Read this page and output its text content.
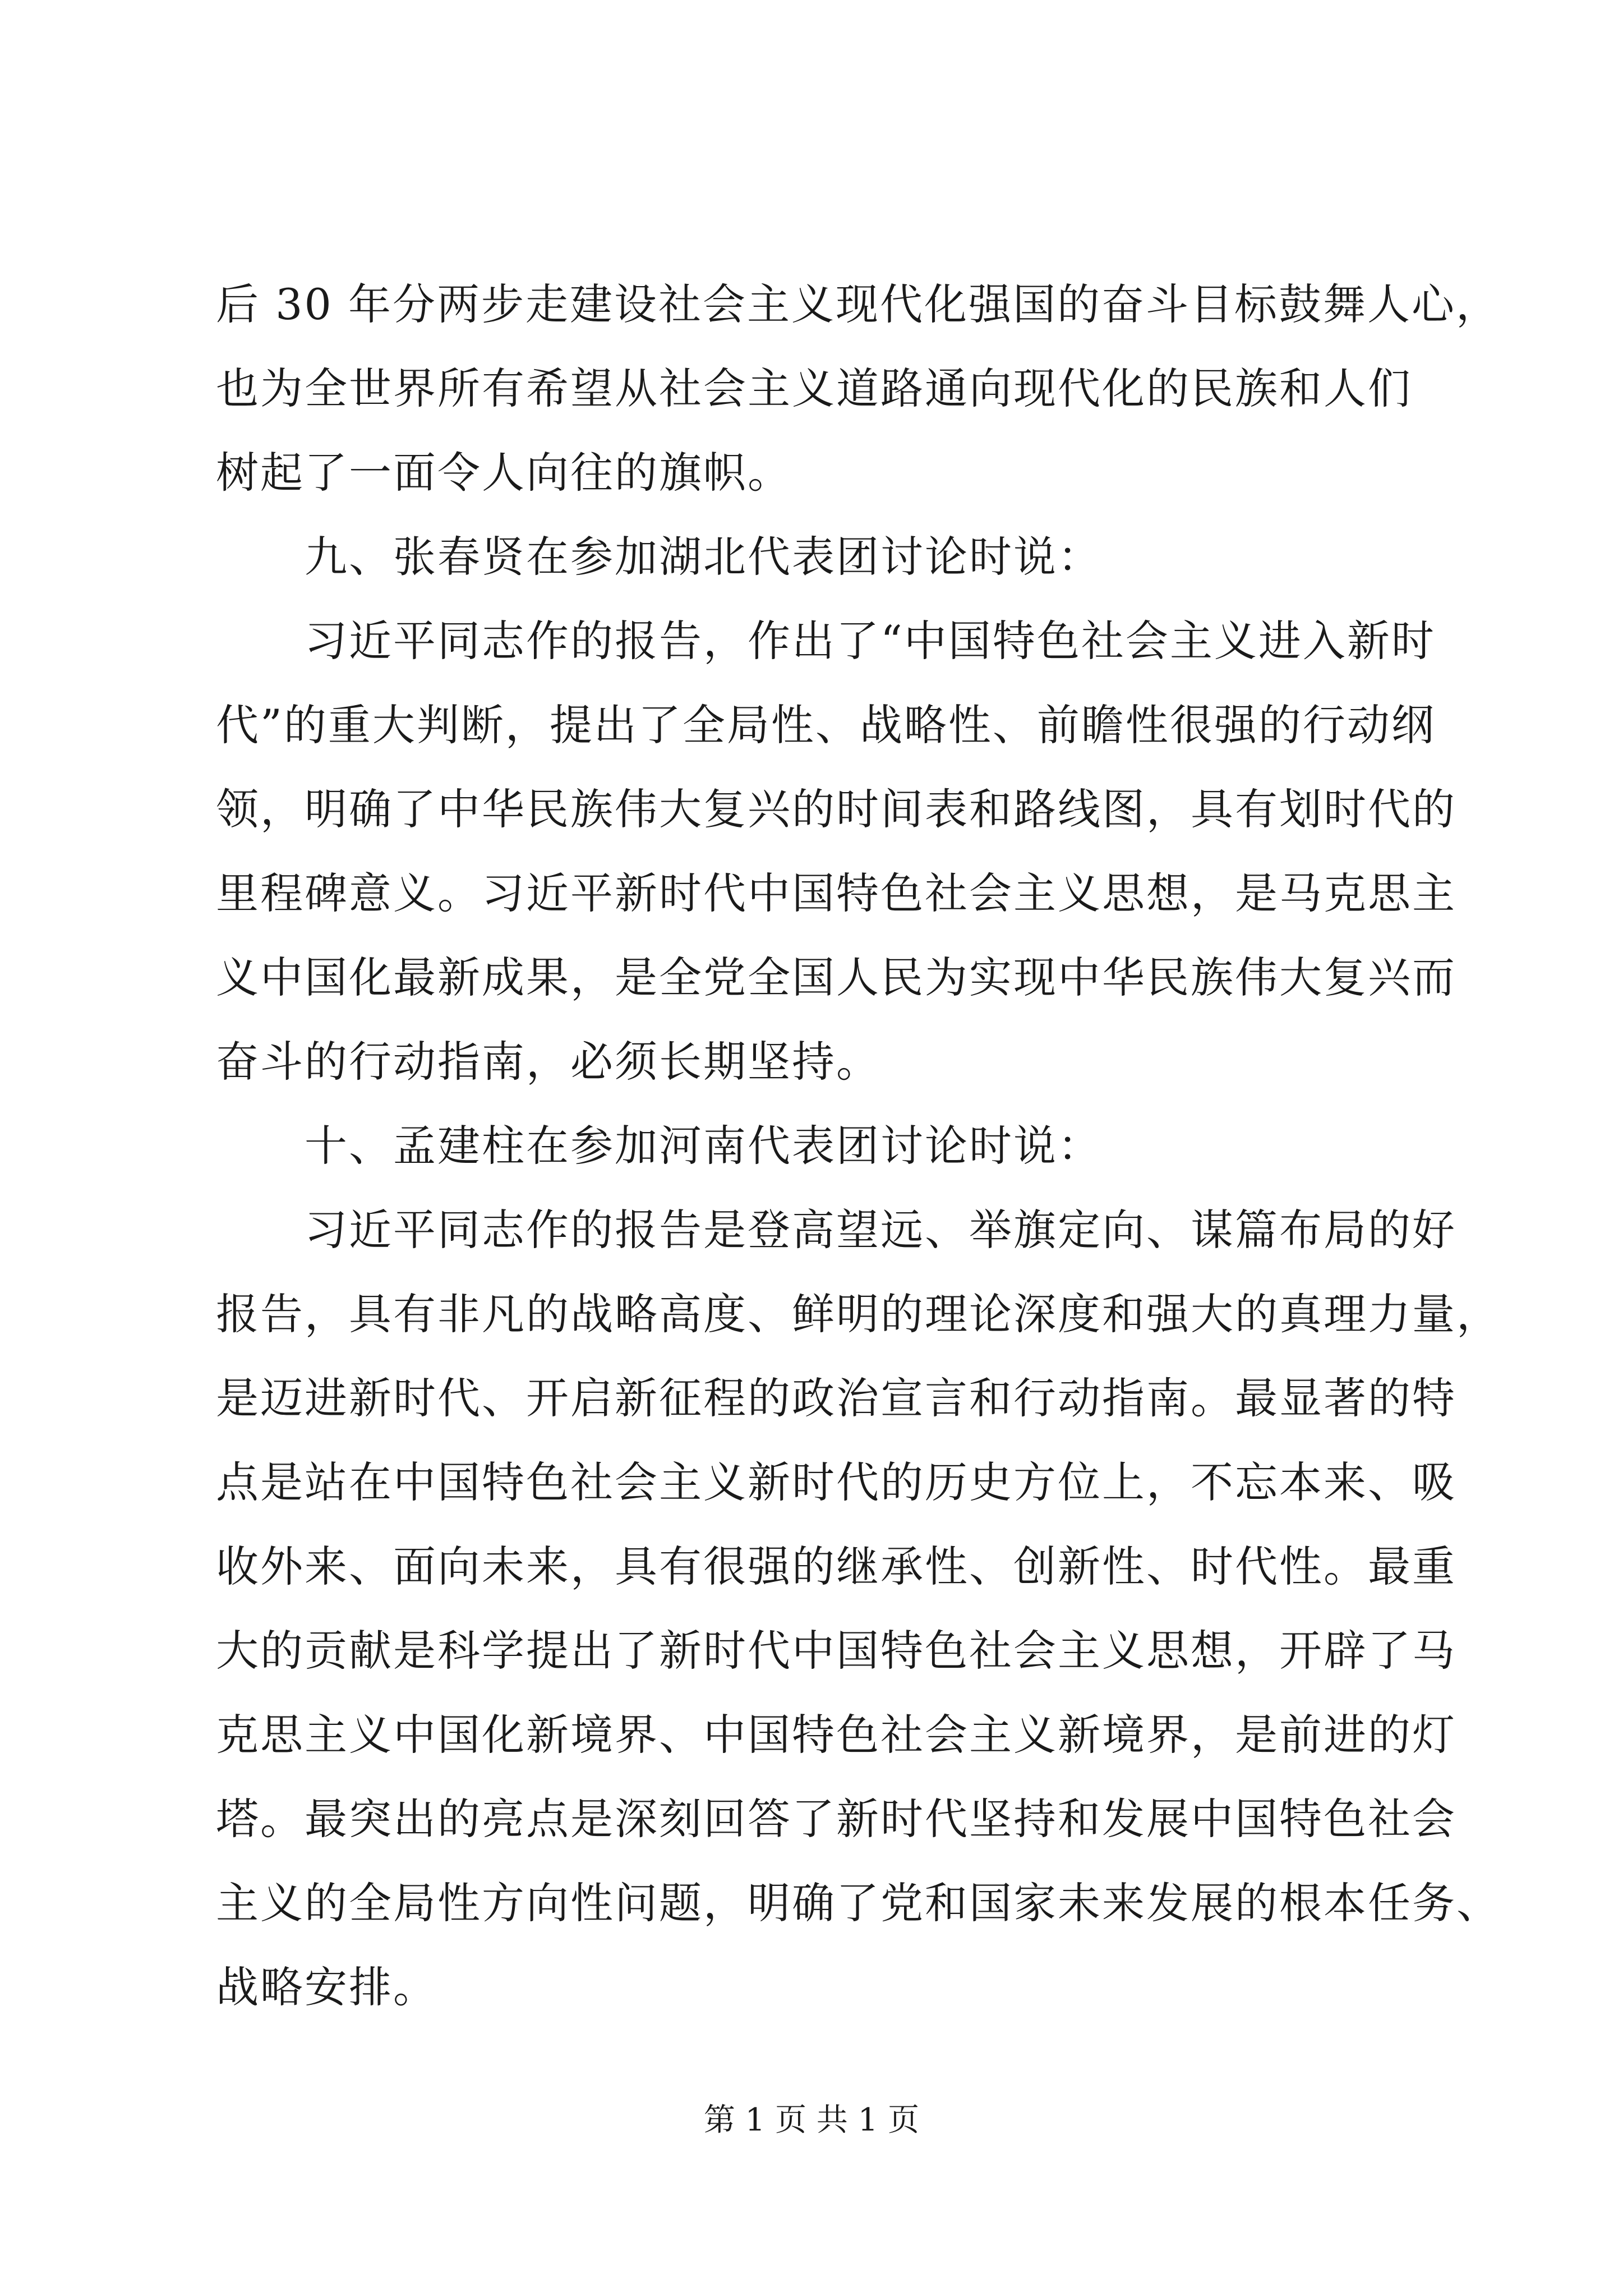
后 30 年分两步走建设社会主义现代化强国的奋斗目标鼓舞人心，
也为全世界所有希望从社会主义道路通向现代化的民族和人们
树起了一面令人向往的旗帜。
九、张春贤在参加湖北代表团讨论时说：
习近平同志作的报告，作出了“中国特色社会主义进入新时
代”的重大判断，提出了全局性、战略性、前瞻性很强的行动纲
领，明确了中华民族伟大复兴的时间表和路线图，具有划时代的
里程碑意义。习近平新时代中国特色社会主义思想，是马克思主
义中国化最新成果，是全党全国人民为实现中华民族伟大复兴而
奋斗的行动指南，必须长期坚持。
十、孟建柱在参加河南代表团讨论时说：
习近平同志作的报告是登高望远、举旗定向、谋篇布局的好
报告，具有非凡的战略高度、鲜明的理论深度和强大的真理力量，
是迈进新时代、开启新征程的政治宣言和行动指南。最显著的特
点是站在中国特色社会主义新时代的历史方位上，不忘本来、吸
收外来、面向未来，具有很强的继承性、创新性、时代性。最重
大的贡献是科学提出了新时代中国特色社会主义思想，开辟了马
克思主义中国化新境界、中国特色社会主义新境界，是前进的灯
塔。最突出的亮点是深刻回答了新时代坚持和发展中国特色社会
主义的全局性方向性问题，明确了党和国家未来发展的根本任务、
战略安排。
第 1 页 共 1 页
